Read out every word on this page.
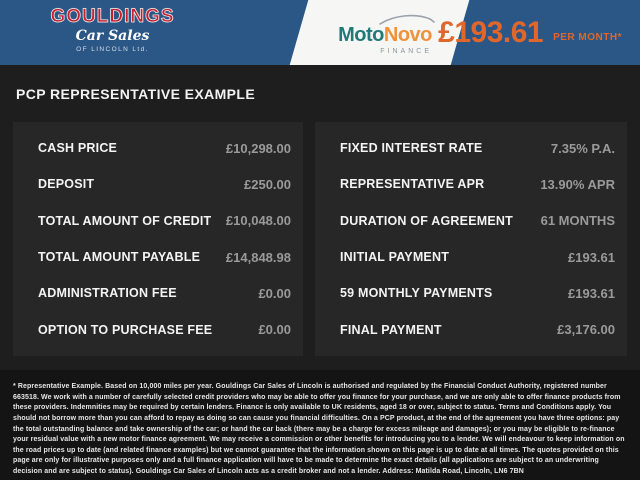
GOULDINGS
Car Sales
OF LINCOLN Ltd.
MotoNovo
FINANCE
£193.61 PER MONTH*
PCP REPRESENTATIVE EXAMPLE
CASH PRICE	£10,298.00
DEPOSIT	£250.00
TOTAL AMOUNT OF CREDIT £10,048.00
TOTAL AMOUNT PAYABLE £14,848.98
ADMINISTRATION FEE	£0.00
OPTION TO PURCHASE FEE	£0.00
FIXED INTEREST RATE	7.35% P.A.
REPRESENTATIVE APR	13.90% APR
DURATION OF AGREEMENT 61 MONTHS
INITIAL PAYMENT	£193.61
59 MONTHLY PAYMENTS	£193.61
FINAL PAYMENT	£3,176.00
* Representative Example. Based on 10,000 miles per year. Gouldings Car Sales of Lincoln is authorised and regulated by the Financial Conduct Authority, registered number 663518. We work with a number of carefully selected credit providers who may be able to offer you finance for your purchase, and we are only able to offer finance products from these providers. Indemnities may be required by certain lenders. Finance is only available to UK residents, aged 18 or over, subject to status. Terms and Conditions apply. You should not borrow more than you can afford to repay as doing so can cause you financial difficulties. On a PCP product, at the end of the agreement you have three options: pay the total outstanding balance and take ownership of the car; or hand the car back (there may be a charge for excess mileage and damages); or you may be eligible to re-finance your residual value with a new motor finance agreement. We may receive a commission or other benefits for introducing you to a lender. We will endeavour to keep information on the road prices up to date (and related finance examples) but we cannot guarantee that the information shown on this page is up to date at all times. The quotes provided on this page are only for illustrative purposes only and a full finance application will have to be made to determine the exact details (all applications are subject to an underwriting decision and are subject to status). Gouldings Car Sales of Lincoln acts as a credit broker and not a lender. Address: Matilda Road, Lincoln, LN6 7BN
